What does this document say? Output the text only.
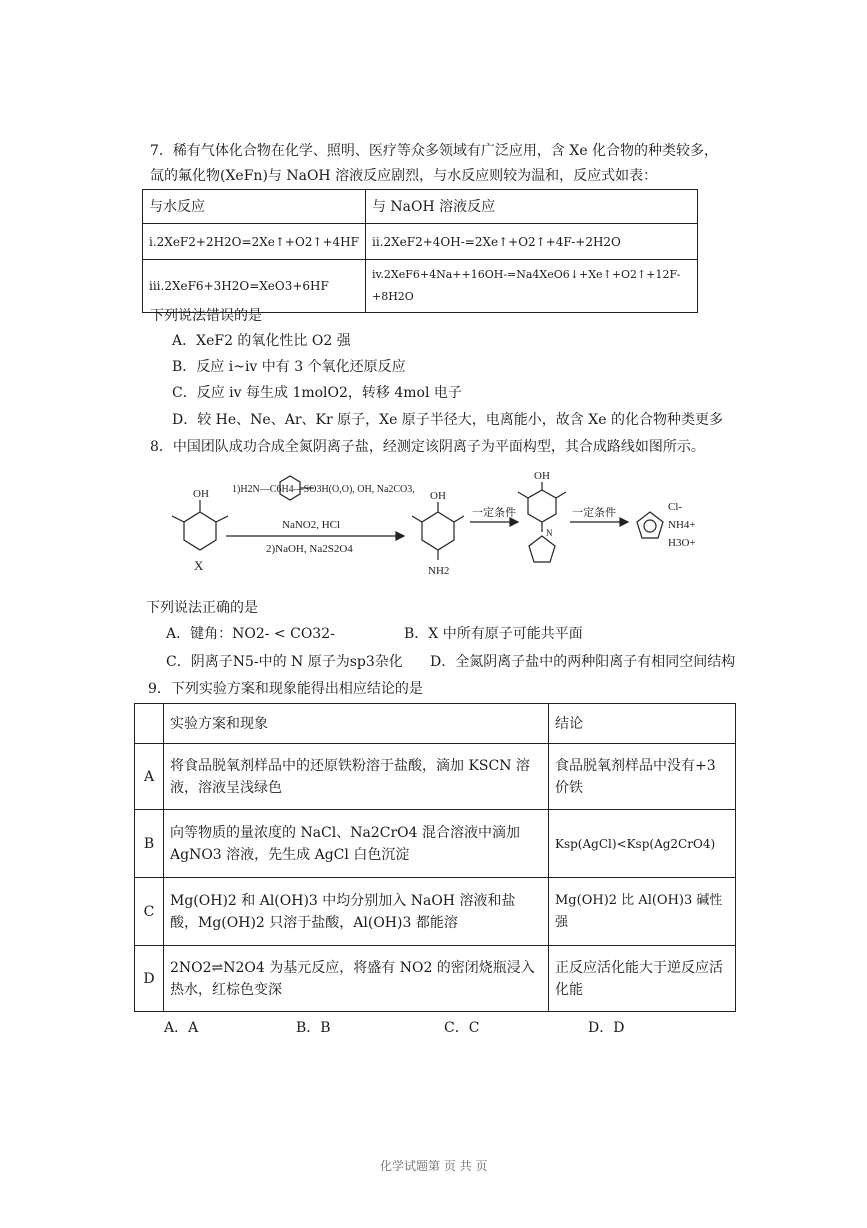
7．稀有气体化合物在化学、照明、医疗等众多领域有广泛应用，含 Xe 化合物的种类较多，
氙的氟化物(XeFn)与 NaOH 溶液反应剧烈，与水反应则较为温和，反应式如表：
与水反应	与 NaOH 溶液反应
i.2XeF2+2H2O=2Xe↑+O2↑+4HF	ii.2XeF2+4OH-=2Xe↑+O2↑+4F-+2H2O
iii.2XeF6+3H2O=XeO3+6HF	iv.2XeF6+4Na++16OH-=Na4XeO6↓+Xe↑+O2↑+12F-+8H2O
下列说法错误的是
A．XeF2 的氧化性比 O2 强
B．反应 i~iv 中有 3 个氧化还原反应
C．反应 iv 每生成 1molO2，转移 4mol 电子
D．较 He、Ne、Ar、Kr 原子，Xe 原子半径大，电离能小，故含 Xe 的化合物种类更多
8．中国团队成功合成全氮阴离子盐，经测定该阴离子为平面构型，其合成路线如图所示。
OH
X
1)H2N—C6H4—SO3H(O,O), OH, Na2CO3,
NaNO2, HCl
2)NaOH, Na2S2O4
OH
NH2
一定条件
OH
N
一定条件	Cl-
NH4+
H3O+
下列说法正确的是
A．键角：NO2- < CO32-	B．X 中所有原子可能共平面
C．阴离子N5-中的 N 原子为sp3杂化 D．全氮阴离子盐中的两种阳离子有相同空间结构
9．下列实验方案和现象能得出相应结论的是
	实验方案和现象	结论
A	将食品脱氧剂样品中的还原铁粉溶于盐酸，滴加 KSCN 溶液，溶液呈浅绿色	食品脱氧剂样品中没有+3 价铁
B	向等物质的量浓度的 NaCl、Na2CrO4 混合溶液中滴加 AgNO3 溶液，先生成 AgCl 白色沉淀	Ksp(AgCl)<Ksp(Ag2CrO4)
C	Mg(OH)2 和 Al(OH)3 中均分别加入 NaOH 溶液和盐酸，Mg(OH)2 只溶于盐酸，Al(OH)3 都能溶	Mg(OH)2 比 Al(OH)3 碱性强
D	2NO2⇌N2O4 为基元反应，将盛有 NO2 的密闭烧瓶浸入热水，红棕色变深	正反应活化能大于逆反应活化能
A．A	B．B	C．C	D．D
化学试题第 页 共 页
